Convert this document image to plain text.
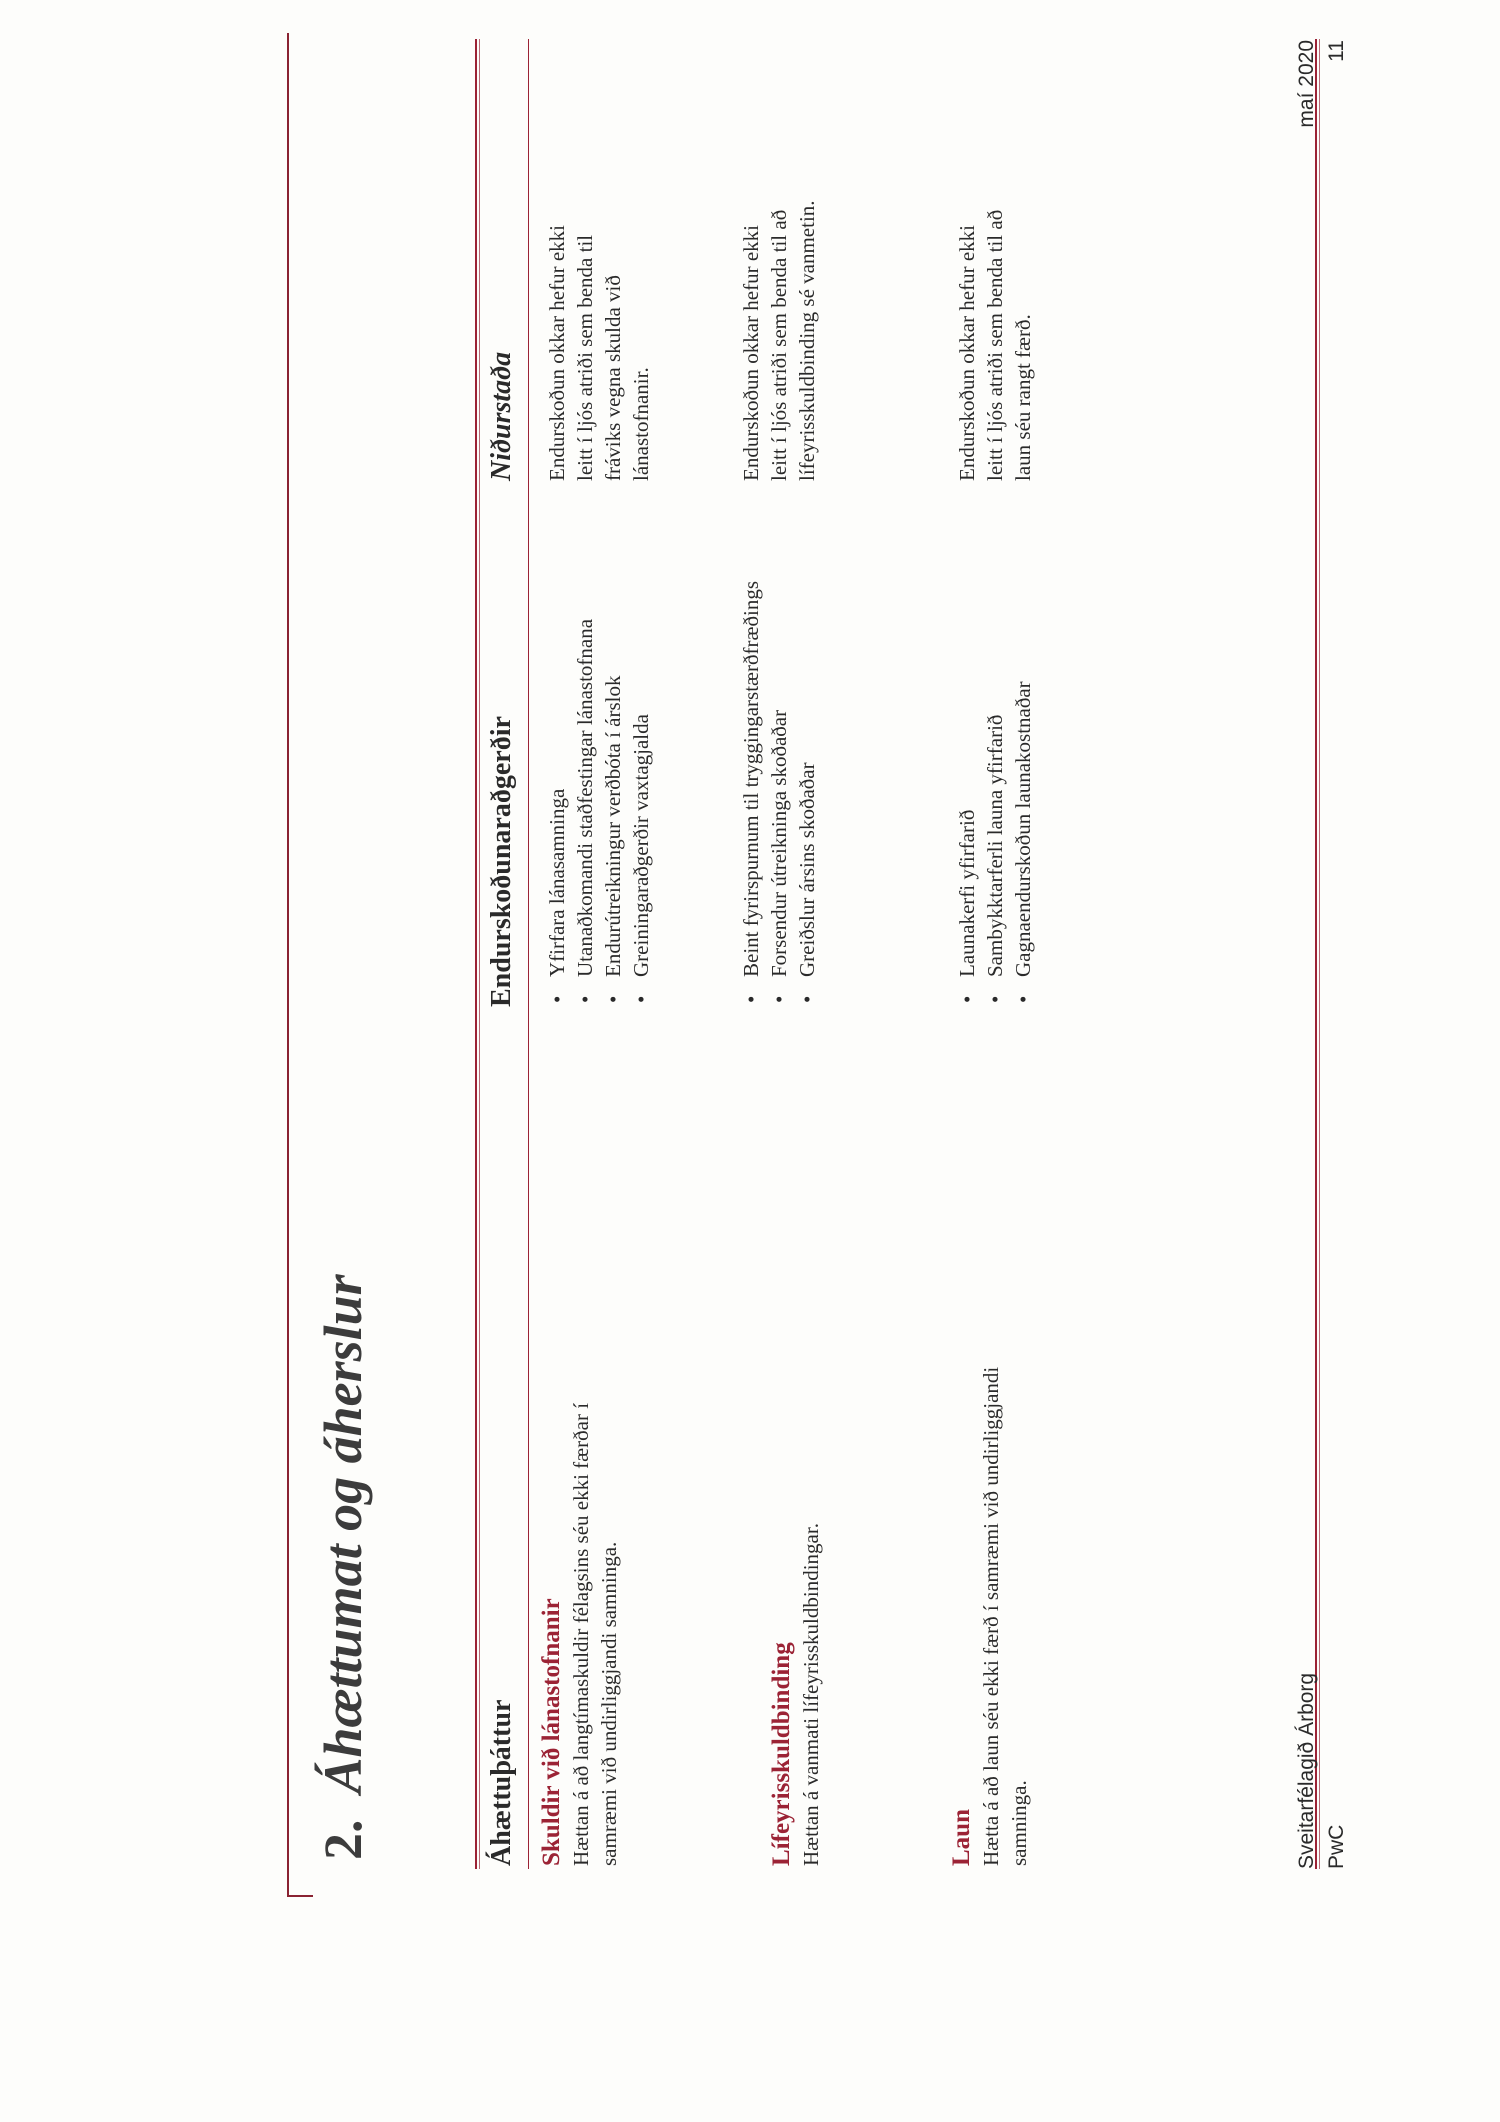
2.Áhættumat og áherslur	Áhættuþáttur
Endurskoðunaraðgerðir
Niðurstaða
Skuldir við lánastofnanir Hættan á að langtímaskuldir félagsins séu ekki færðar í samræmi við undirliggjandi samninga.
• Yfirfara lánasamninga • Utanaðkomandi staðfestingar lánastofnana • Endurútreikningur verðbóta í árslok • Greiningaraðgerðir vaxtagjalda
Endurskoðun okkar hefur ekki leitt í ljós atriði sem benda til fráviks vegna skulda við lánastofnanir.
Lífeyrisskuldbinding Hættan á vanmati lífeyrisskuldbindingar.
• Beint fyrirspurnum til tryggingarstærðfræðings • Forsendur útreikninga skoðaðar • Greiðslur ársins skoðaðar
Endurskoðun okkar hefur ekki leitt í ljós atriði sem benda til að lífeyrisskuldbinding sé vanmetin.
Laun Hætta á að laun séu ekki færð í samræmi við undirliggjandi samninga.
• Launakerfi yfirfarið • Sambykktarferli launa yfirfarið • Gagnaendurskoðun launakostnaðar
Endurskoðun okkar hefur ekki leitt í ljós atriði sem benda til að laun séu rangt færð.
Sveitarfélagið Árborg PwC
maí 2020 11
